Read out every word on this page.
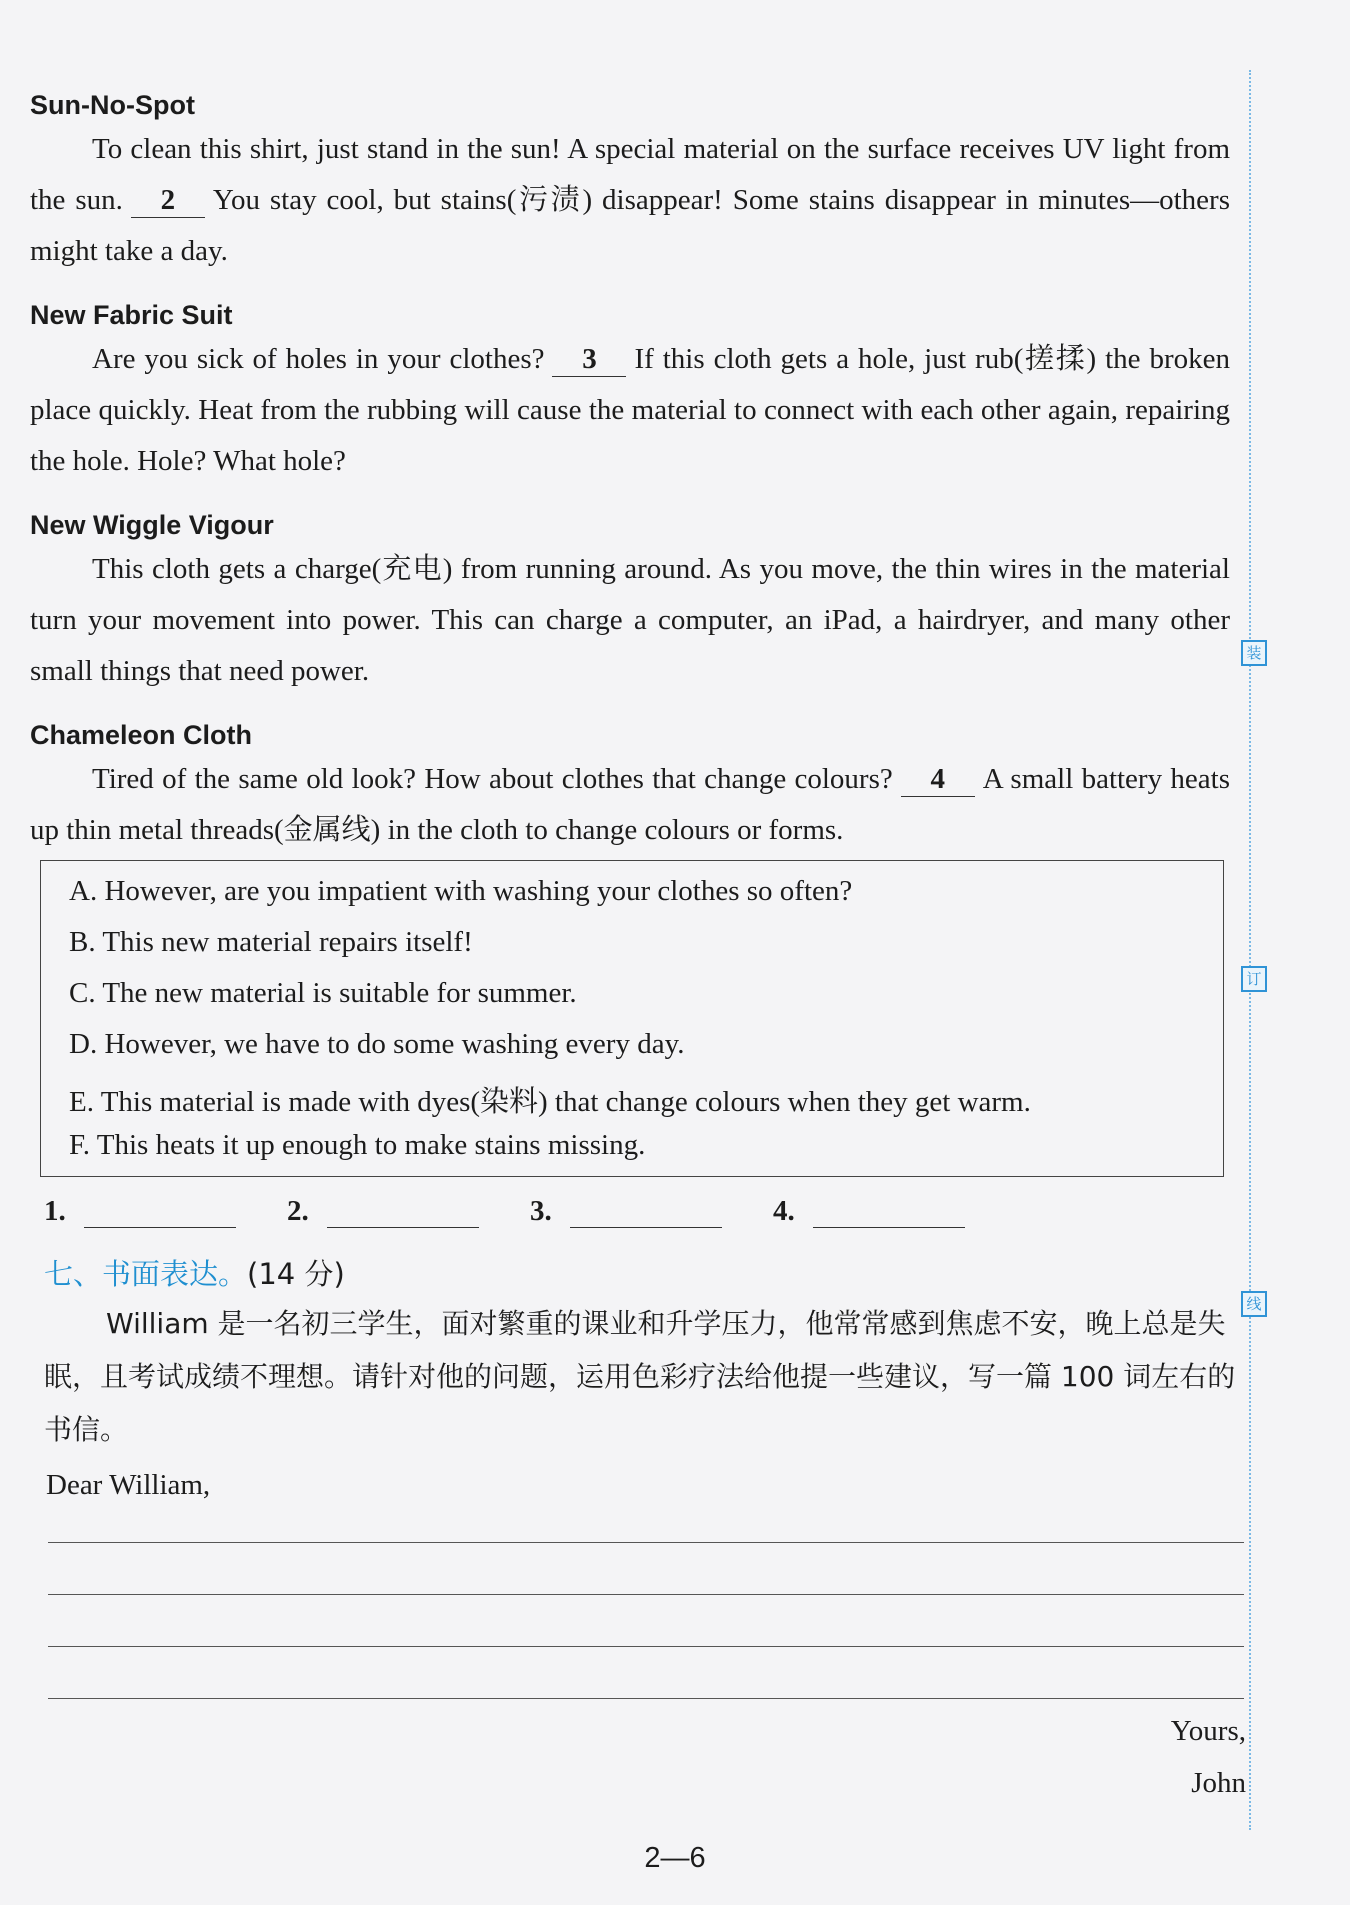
Sun-No-Spot
To clean this shirt, just stand in the sun! A special material on the surface receives UV light from the sun. 2 You stay cool, but stains(污渍) disappear! Some stains disappear in minutes—others might take a day.
New Fabric Suit
Are you sick of holes in your clothes? 3 If this cloth gets a hole, just rub(搓揉) the broken place quickly. Heat from the rubbing will cause the material to connect with each other again, repairing the hole. Hole? What hole?
New Wiggle Vigour
This cloth gets a charge(充电) from running around. As you move, the thin wires in the material turn your movement into power. This can charge a computer, an iPad, a hairdryer, and many other small things that need power.
Chameleon Cloth
Tired of the same old look? How about clothes that change colours? 4 A small battery heats up thin metal threads(金属线) in the cloth to change colours or forms.
A. However, are you impatient with washing your clothes so often?
B. This new material repairs itself!
C. The new material is suitable for summer.
D. However, we have to do some washing every day.
E. This material is made with dyes(染料) that change colours when they get warm.
F. This heats it up enough to make stains missing.
1.	2.	3.	4.
七、书面表达。(14 分)
William 是一名初三学生，面对繁重的课业和升学压力，他常常感到焦虑不安，晚上总是失眠，且考试成绩不理想。请针对他的问题，运用色彩疗法给他提一些建议，写一篇 100 词左右的书信。
Dear William,
Yours,
John
2—6
装
订
线
